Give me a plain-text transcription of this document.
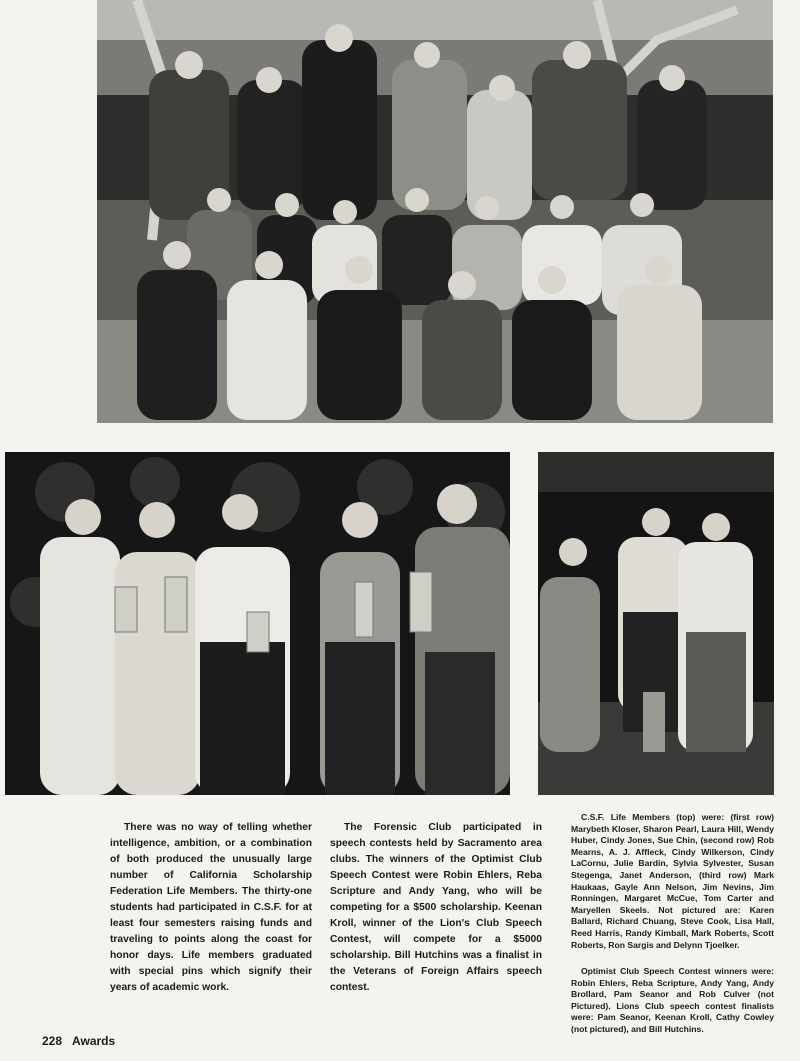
There was no way of telling whether intelligence, ambition, or a combination of both produced the unusually large number of California Scholarship Federation Life Members. The thirty-one students had participated in C.S.F. for at least four semesters raising funds and traveling to points along the coast for honor days. Life members graduated with special pins which signify their years of academic work.
The Forensic Club participated in speech contests held by Sacramento area clubs. The winners of the Optimist Club Speech Contest were Robin Ehlers, Reba Scripture and Andy Yang, who will be competing for a $500 scholarship. Keenan Kroll, winner of the Lion's Club Speech Contest, will compete for a $5000 scholarship. Bill Hutchins was a finalist in the Veterans of Foreign Affairs speech contest.
C.S.F. Life Members (top) were: (first row) Marybeth Kloser, Sharon Pearl, Laura Hill, Wendy Huber, Cindy Jones, Sue Chin, (second row) Rob Mearns, A. J. Affleck, Cindy Wilkerson, Cindy LaCornu, Julie Bardin, Sylvia Sylvester, Susan Stegenga, Janet Anderson, (third row) Mark Haukaas, Gayle Ann Nelson, Jim Nevins, Jim Ronningen, Margaret McCue, Tom Carter and Maryellen Skeels. Not pictured are: Karen Ballard, Richard Chuang, Steve Cook, Lisa Hall, Reed Harris, Randy Kimball, Mark Roberts, Scott Roberts, Ron Sargis and Delynn Tjoelker.
Optimist Club Speech Contest winners were: Robin Ehlers, Reba Scripture, Andy Yang, Andy Brollard, Pam Seanor and Rob Culver (not Pictured). Lions Club speech contest finalists were: Pam Seanor, Keenan Kroll, Cathy Cowley (not pictured), and Bill Hutchins.
228 Awards
